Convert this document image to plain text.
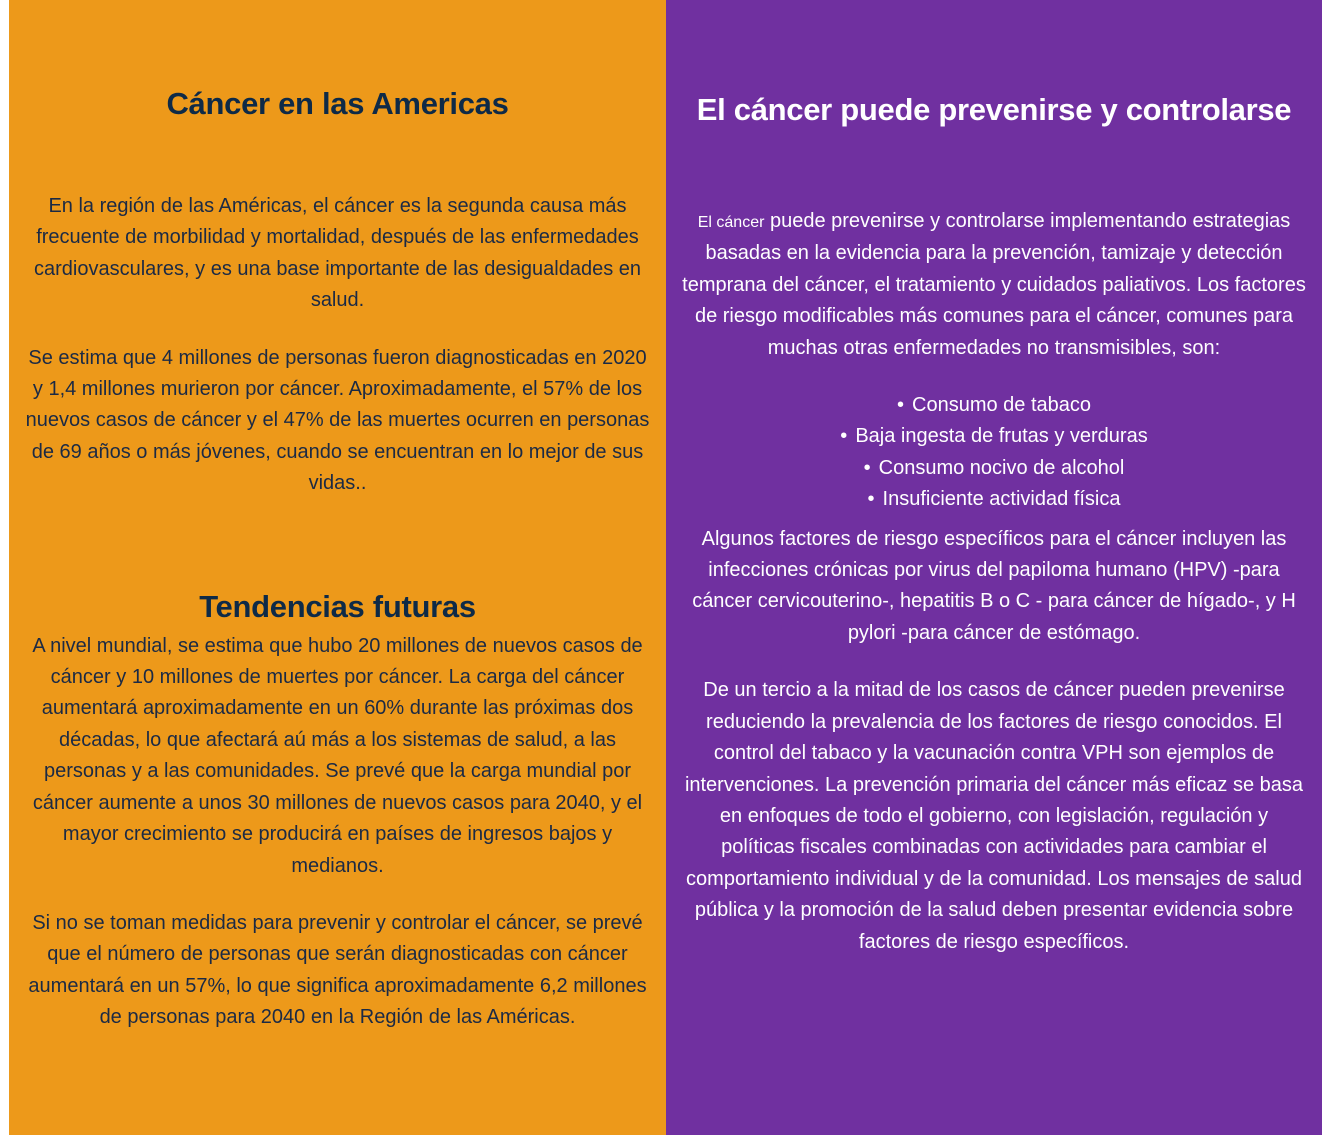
Cáncer en las Americas

En la región de las Américas, el cáncer es la segunda causa más frecuente de morbilidad y mortalidad, después de las enfermedades cardiovasculares, y es una base importante de las desigualdades en salud.

Se estima que 4 millones de personas fueron diagnosticadas en 2020 y 1,4 millones murieron por cáncer. Aproximadamente, el 57% de los nuevos casos de cáncer y el 47% de las muertes ocurren en personas de 69 años o más jóvenes, cuando se encuentran en lo mejor de sus vidas..

Tendencias futuras

A nivel mundial, se estima que hubo 20 millones de nuevos casos de cáncer y 10 millones de muertes por cáncer. La carga del cáncer aumentará aproximadamente en un 60% durante las próximas dos décadas, lo que afectará aú más a los sistemas de salud, a las personas y a las comunidades. Se prevé que la carga mundial por cáncer aumente a unos 30 millones de nuevos casos para 2040, y el mayor crecimiento se producirá en países de ingresos bajos y medianos.

Si no se toman medidas para prevenir y controlar el cáncer, se prevé que el número de personas que serán diagnosticadas con cáncer aumentará en un 57%, lo que significa aproximadamente 6,2 millones de personas para 2040 en la Región de las Américas.

El cáncer puede prevenirse y controlarse

El cáncer puede prevenirse y controlarse implementando estrategias basadas en la evidencia para la prevención, tamizaje y detección temprana del cáncer, el tratamiento y cuidados paliativos. Los factores de riesgo modificables más comunes para el cáncer, comunes para muchas otras enfermedades no transmisibles, son:

• Consumo de tabaco
• Baja ingesta de frutas y verduras
• Consumo nocivo de alcohol
• Insuficiente actividad física

Algunos factores de riesgo específicos para el cáncer incluyen las infecciones crónicas por virus del papiloma humano (HPV) -para cáncer cervicouterino-, hepatitis B o C - para cáncer de hígado-, y H pylori -para cáncer de estómago.

De un tercio a la mitad de los casos de cáncer pueden prevenirse reduciendo la prevalencia de los factores de riesgo conocidos. El control del tabaco y la vacunación contra VPH son ejemplos de intervenciones. La prevención primaria del cáncer más eficaz se basa en enfoques de todo el gobierno, con legislación, regulación y políticas fiscales combinadas con actividades para cambiar el comportamiento individual y de la comunidad. Los mensajes de salud pública y la promoción de la salud deben presentar evidencia sobre factores de riesgo específicos.
